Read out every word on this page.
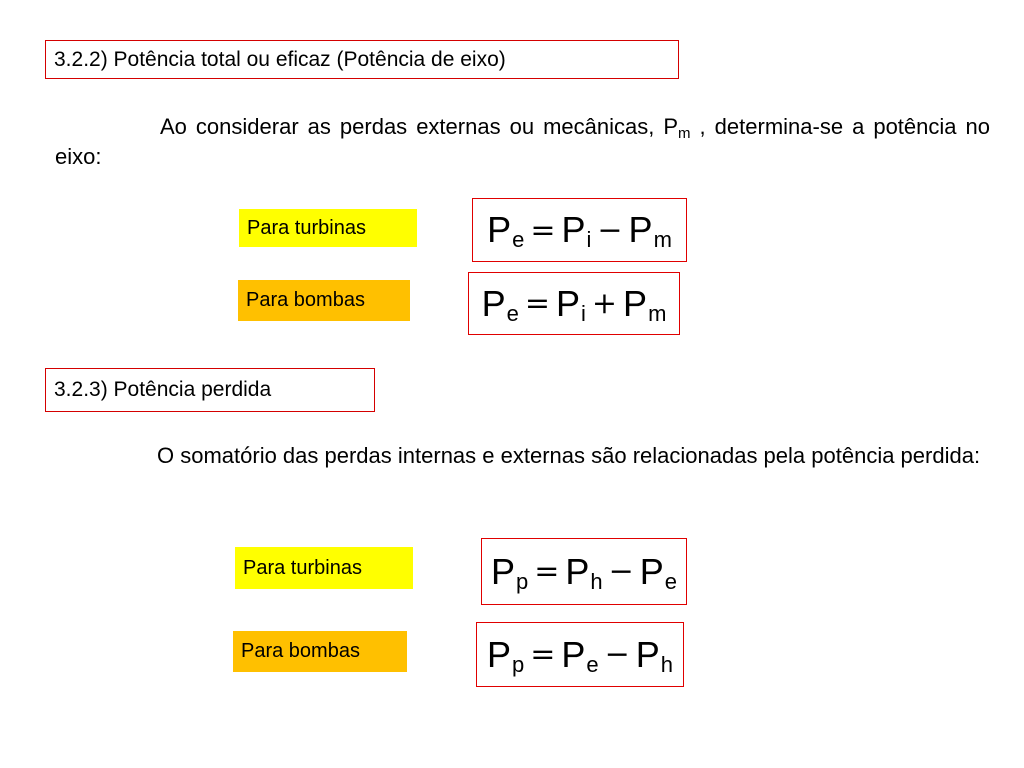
3.2.2) Potência total ou eficaz (Potência de eixo)
Ao considerar as perdas externas ou mecânicas, $P_m$ , determina-se a potência no eixo:
Para turbinas	P e = P i − P m
Para bombas	P e = P i + P m
3.2.3) Potência perdida
O somatório das perdas internas e externas são relacionadas pela potência perdida:
Para turbinas	P p = P h − P e
Para bombas	P p = P e − P h
